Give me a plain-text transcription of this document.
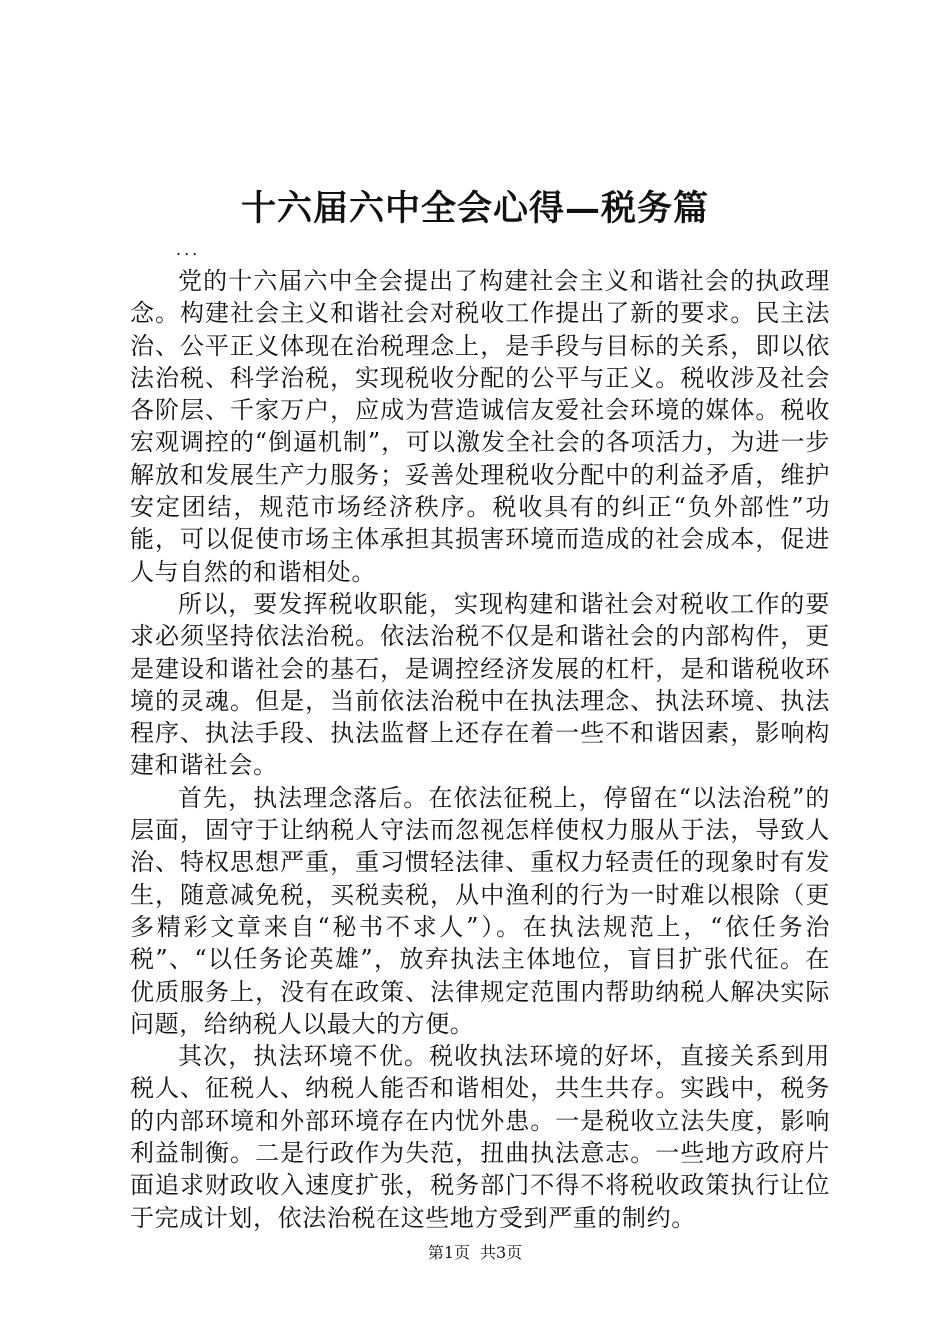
十六届六中全会心得—税务篇
...

党的十六届六中全会提出了构建社会主义和谐社会的执政理念。构建社会主义和谐社会对税收工作提出了新的要求。民主法治、公平正义体现在治税理念上，是手段与目标的关系，即以依法治税、科学治税，实现税收分配的公平与正义。税收涉及社会各阶层、千家万户，应成为营造诚信友爱社会环境的媒体。税收宏观调控的“倒逼机制”，可以激发全社会的各项活力，为进一步解放和发展生产力服务；妥善处理税收分配中的利益矛盾，维护安定团结，规范市场经济秩序。税收具有的纠正“负外部性”功能，可以促使市场主体承担其损害环境而造成的社会成本，促进人与自然的和谐相处。

所以，要发挥税收职能，实现构建和谐社会对税收工作的要求必须坚持依法治税。依法治税不仅是和谐社会的内部构件，更是建设和谐社会的基石，是调控经济发展的杠杆，是和谐税收环境的灵魂。但是，当前依法治税中在执法理念、执法环境、执法程序、执法手段、执法监督上还存在着一些不和谐因素，影响构建和谐社会。

首先，执法理念落后。在依法征税上，停留在“以法治税”的层面，固守于让纳税人守法而忽视怎样使权力服从于法，导致人治、特权思想严重，重习惯轻法律、重权力轻责任的现象时有发生，随意减免税，买税卖税，从中渔利的行为一时难以根除（更多精彩文章来自“秘书不求人”）。在执法规范上，“依任务治税”、“以任务论英雄”，放弃执法主体地位，盲目扩张代征。在优质服务上，没有在政策、法律规定范围内帮助纳税人解决实际问题，给纳税人以最大的方便。

其次，执法环境不优。税收执法环境的好坏，直接关系到用税人、征税人、纳税人能否和谐相处，共生共存。实践中，税务的内部环境和外部环境存在内忧外患。一是税收立法失度，影响利益制衡。二是行政作为失范，扭曲执法意志。一些地方政府片面追求财政收入速度扩张，税务部门不得不将税收政策执行让位于完成计划，依法治税在这些地方受到严重的制约。

第1页 共3页
